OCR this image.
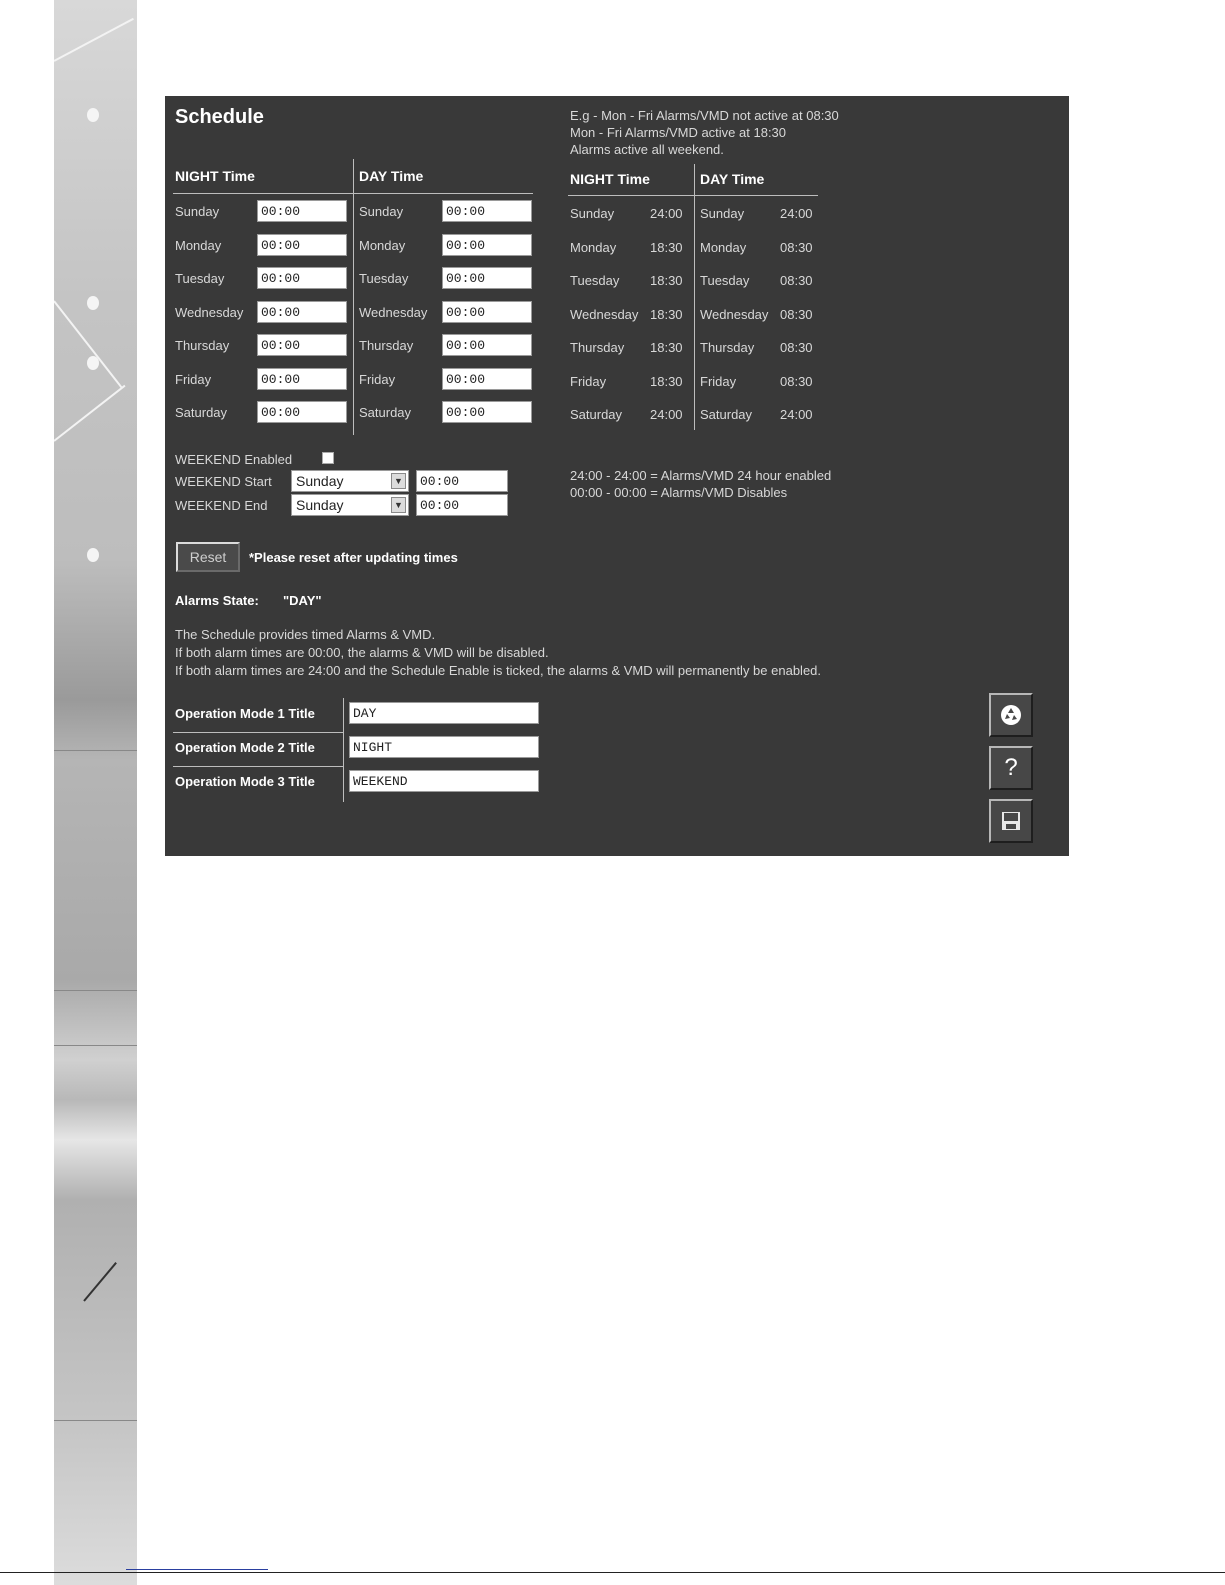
Schedule
NIGHT Time	DAY Time
Sunday	00:00	Sunday	00:00
Monday	00:00	Monday	00:00
Tuesday	00:00	Tuesday	00:00
Wednesday	00:00	Wednesday	00:00
Thursday	00:00	Thursday	00:00
Friday	00:00	Friday	00:00
Saturday	00:00	Saturday	00:00
WEEKEND Enabled
WEEKEND Start	Sunday	▼	00:00
WEEKEND End	Sunday	▼	00:00
Reset	*Please reset after updating times
Alarms State: "DAY"
The Schedule provides timed Alarms & VMD.
If both alarm times are 00:00, the alarms & VMD will be disabled.
If both alarm times are 24:00 and the Schedule Enable is ticked, the alarms & VMD will permanently be enabled.
Operation Mode 1 Title	DAY
Operation Mode 2 Title	NIGHT
Operation Mode 3 Title	WEEKEND
E.g - Mon - Fri Alarms/VMD not active at 08:30
Mon - Fri Alarms/VMD active at 18:30
Alarms active all weekend.
NIGHT Time	DAY Time
Sunday	24:00 Sunday	24:00
Monday	18:30 Monday	08:30
Tuesday 18:30 Tuesday 08:30
Wednesday 18:30 Wednesday 08:30
Thursday 18:30 Thursday 08:30
Friday	18:30 Friday	08:30
Saturday 24:00 Saturday 24:00
24:00 - 24:00 = Alarms/VMD 24 hour enabled
00:00 - 00:00 = Alarms/VMD Disables
?
